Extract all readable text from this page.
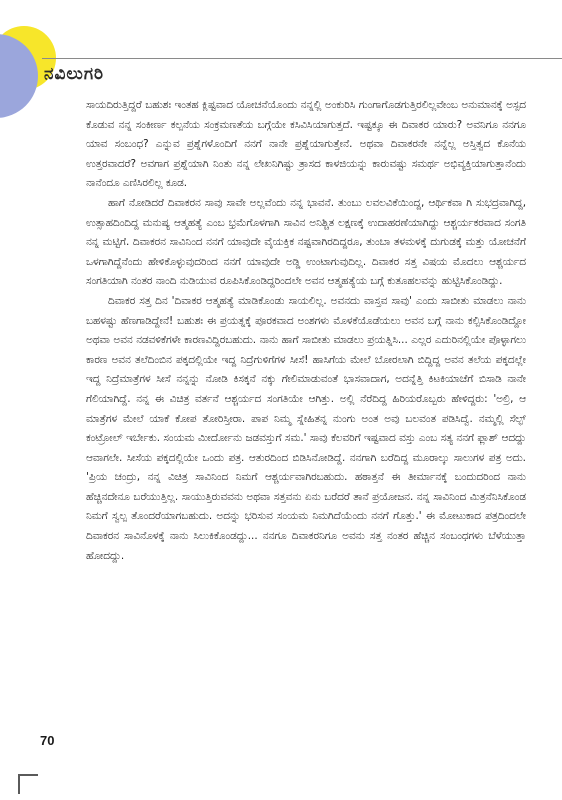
ನವಿಲುಗರಿ

ಸಾಯದಿರುತ್ತಿದ್ದರೆ ಬಹುಶಃ ಇಂತಹ ಕ್ಲಿಷ್ಟವಾದ ಯೋಚನೆಯೊಂದು ನನ್ನಲ್ಲಿ ಅಂಕುರಿಸಿ ಗುಂಗಾಗೊಡಗುತ್ತಿರಲಿಲ್ಲವೇಂಬ ಅನುಮಾನಕ್ಕೆ ಅಸ್ಪದ ಕೊಡುವ ನನ್ನ ಸಂಕೀರ್ಣ ಕಲ್ಪನೆಯ ಸಂಕ್ರಮಣತೆಯ ಬಗ್ಗೆಯೇ ಕಸಿವಿಸಿಯಾಗುತ್ತದೆ. ಇಷ್ಟಕ್ಕೂ ಈ ದಿವಾಕರ ಯಾರು? ಅವನಿಗೂ ನನಗೂ ಯಾವ ಸಂಬಂಧ? ಎನ್ನುವ ಪ್ರಶ್ನೆಗಳೊಂದಿಗೆ ನನಗೆ ನಾನೇ ಪ್ರಶ್ನೆಯಾಗುತ್ತೇನೆ. ಅಥವಾ ದಿವಾಕರನೇ ನನ್ನೆಲ್ಲ ಅಸ್ತಿತ್ವದ ಕೊನೆಯ ಉತ್ತರವಾದರೆ? ಅವಗಾಗ ಪ್ರಶ್ನೆಯಾಗಿ ನಿಂತು ನನ್ನ ಲೇಖನಿಗಿಷ್ಟು ತ್ರಾಸದ ಕಾಳಜಿಯನ್ನು ಕಾರುವಷ್ಟು ಸಮರ್ಥ ಅಭಿವ್ಯಕ್ತಿಯಾಗುತ್ತಾನೆಂದು ನಾನೆಂದೂ ಎಣಿಸಿರಲಿಲ್ಲ ಕೂಡ.

ಹಾಗೆ ನೋಡಿದರೆ ದಿವಾಕರನ ಸಾವು ಸಾವೇ ಅಲ್ಲವೆಂದು ನನ್ನ ಭಾವನೆ. ತುಂಬು ಲವಲವಿಕೆಯಿಂದ್ದ, ಆರ್ಥಿಕವಾ ಗಿ ಸುಭದ್ರವಾಗಿದ್ದ, ಉತ್ಸಾಹದಿಂದಿದ್ದ ಮನುಷ್ಯ ಆತ್ಮಹತ್ಯೆ ಎಂಬ ಭ್ರಮೆಗೊಳಗಾಗಿ ಸಾವಿನ ಅನಿಶ್ಚಿತ ಲಕ್ಷಣಕ್ಕೆ ಉದಾಹರಣೆಯಾಗಿದ್ದು ಆಶ್ಚರ್ಯಕರವಾದ ಸಂಗತಿ ನನ್ನ ಮಟ್ಟಿಗೆ. ದಿವಾಕರನ ಸಾವಿನಿಂದ ನನಗೆ ಯಾವುದೇ ವೈಯಕ್ತಿಕ ನಷ್ಟವಾಗಿರದಿದ್ದರೂ, ತುಂಬಾ ತಳಮಳಕ್ಕೆ ದುಗುಡಕ್ಕೆ ಮತ್ತು ಯೋಚನೆಗೆ ಒಳಗಾಗಿದ್ದೆನೆಂದು ಹೇಳಿಕೊಳ್ಳುವುದರಿಂದ ನನಗೆ ಯಾವುದೇ ಅಡ್ಡಿ ಉಂಟಾಗುವುದಿಲ್ಲ. ದಿವಾಕರ ಸತ್ತ ವಿಷಯ ಮೊದಲು ಆಶ್ಚರ್ಯದ ಸಂಗತಿಯಾಗಿ ನಂತರ ನಾಂದಿ ನುಡಿಯುವ ರೂಪಿಸಿಕೊಂಡಿದ್ದರಿಂದಲೇ ಅವನ ಆತ್ಮಹತ್ಯೆಯ ಬಗ್ಗೆ ಕುತೂಹಲವನ್ನು ಹುಟ್ಟಿಸಿಕೊಂಡಿದ್ದು.

ದಿವಾಕರ ಸತ್ತ ದಿನ 'ದಿವಾಕರ ಆತ್ಮಹತ್ಯೆ ಮಾಡಿಕೊಂಡು ಸಾಯಲಿಲ್ಲ. ಅವನದು ವಾಸ್ತವ ಸಾವು' ಎಂದು ಸಾಬೀತು ಮಾಡಲು ನಾನು ಬಹಳಷ್ಟು ಹೆಣಗಾಡಿದ್ದೇನೆ! ಬಹುಶಃ ಈ ಪ್ರಯತ್ನಕ್ಕೆ ಪೂರಕವಾದ ಅಂಶಗಳು ಮೊಳಕೆಯೊಡೆಯಲು ಅವನ ಬಗ್ಗೆ ನಾನು ಕಲ್ಪಿಸಿಕೊಂಡಿದ್ದೋ ಅಥವಾ ಅವನ ನಡವಳಿಕೆಗಳೇ ಕಾರಣವಿದ್ದಿರಬಹುದು. ನಾನು ಹಾಗೆ ಸಾಬೀತು ಮಾಡಲು ಪ್ರಯತ್ನಿಸಿ... ಎಲ್ಲರ ಎದುರಿನಲ್ಲಿಯೇ ಪೊಳ್ಳಾಗಲು ಕಾರಣ ಅವನ ತಲೆದಿಂಬಿನ ಪಕ್ಕದಲ್ಲಿಯೇ ಇದ್ದ ನಿದ್ರೆಗುಳಿಗೆಗಳ ಸೀಸೆ! ಹಾಸಿಗೆಯ ಮೇಲೆ ಬೋರಲಾಗಿ ಬಿದ್ದಿದ್ದ ಅವನ ತಲೆಯ ಪಕ್ಕದಲ್ಲೇ ಇದ್ದ ನಿದ್ರೆಮಾತ್ರೆಗಳ ಸೀಸೆ ನನ್ನನ್ನು ನೋಡಿ ಕಿಸಕ್ಕನೆ ನಕ್ಕು ಗೇಲಿಮಾಡುವಂತೆ ಭಾಸವಾದಾಗ, ಅದನ್ನೆತ್ತಿ ಕಿಟಕಿಯಾಚೆಗೆ ಬಿಸಾಡಿ ನಾನೇ ಗೆಲಿಯಾಗಿದ್ದೆ. ನನ್ನ ಈ ವಿಚಿತ್ರ ವರ್ತನೆ ಆಶ್ಚರ್ಯದ ಸಂಗತಿಯೇ ಆಗಿತ್ತು. ಅಲ್ಲಿ ನೆರೆದಿದ್ದ ಹಿರಿಯರೊಬ್ಬರು ಹೇಳಿದ್ದರು: 'ಅಲ್ರಿ, ಆ ಮಾತ್ರೆಗಳ ಮೇಲೆ ಯಾಕೆ ಕೋಪ ತೋರಿಸ್ತೀರಾ. ಪಾಪ ನಿಮ್ಮ ಸ್ನೇಹಿತನ್ನ ನುಂಗು ಅಂತ ಅವು ಬಲವಂತ ಪಡಿಸಿದ್ವೆ. ನಮ್ಮಲ್ಲಿ ಸೆಲ್ಫ್ ಕಂಟ್ರೋಲ್ ಇರ್ಬೇಕು. ಸಂಯಮ ಮೀರ್ದೋನು ಜಡವಸ್ತುಗೆ ಸಮ.' ಸಾವು ಕೆಲವರಿಗೆ ಇಷ್ಟವಾದ ವಸ್ತು ಎಂಬ ಸತ್ಯ ನನಗೆ ಫ್ಲಾಶ್ ಆದದ್ದು ಆವಾಗಲೇ. ಸೀಸೆಯ ಪಕ್ಕದಲ್ಲಿಯೇ ಒಂದು ಪತ್ರ. ಆತುರದಿಂದ ಬಿಡಿಸಿನೋಡಿದ್ದೆ. ನನಗಾಗಿ ಬರೆದಿದ್ದ ಮೂರಾಲ್ಕು ಸಾಲುಗಳ ಪತ್ರ ಅದು. 'ಪ್ರಿಯ ಚಂದ್ರು, ನನ್ನ ವಿಚಿತ್ರ ಸಾವಿನಿಂದ ನಿಮಗೆ ಆಶ್ಚರ್ಯವಾಗಿರಬಹುದು. ಹಠಾತ್ತನೆ ಈ ತೀರ್ಮಾನಕ್ಕೆ ಬಂದುದರಿಂದ ನಾನು ಹೆಚ್ಚಿನದೇನೂ ಬರೆಯುತ್ತಿಲ್ಲ. ಸಾಯುತ್ತಿರುವವನು ಅಥವಾ ಸತ್ತವನು ಏನು ಬರೆದರೆ ತಾನೆ ಪ್ರಯೋಜನ. ನನ್ನ ಸಾವಿನಿಂದ ಮಿತ್ರನೆನಿಸಿಕೊಂಡ ನಿಮಗೆ ಸ್ವಲ್ಪ ತೊಂದರೆಯಾಗಬಹುದು. ಅದನ್ನು ಭರಿಸುವ ಸಂಯಮ ನಿಮಗಿದೆಯೆಂದು ನನಗೆ ಗೊತ್ತು.' ಈ ಮೋಟುಕಾದ ಪತ್ರದಿಂದಲೇ ದಿವಾಕರನ ಸಾವಿನೊಳಕ್ಕೆ ನಾನು ಸಿಲುಕಿಕೊಂಡದ್ದು... ನನಗೂ ದಿವಾಕರನಿಗೂ ಅವನು ಸತ್ತ ನಂತರ ಹೆಚ್ಚಿನ ಸಂಬಂಧಗಳು ಬೆಳೆಯುತ್ತಾ ಹೋದದ್ದು.

70
